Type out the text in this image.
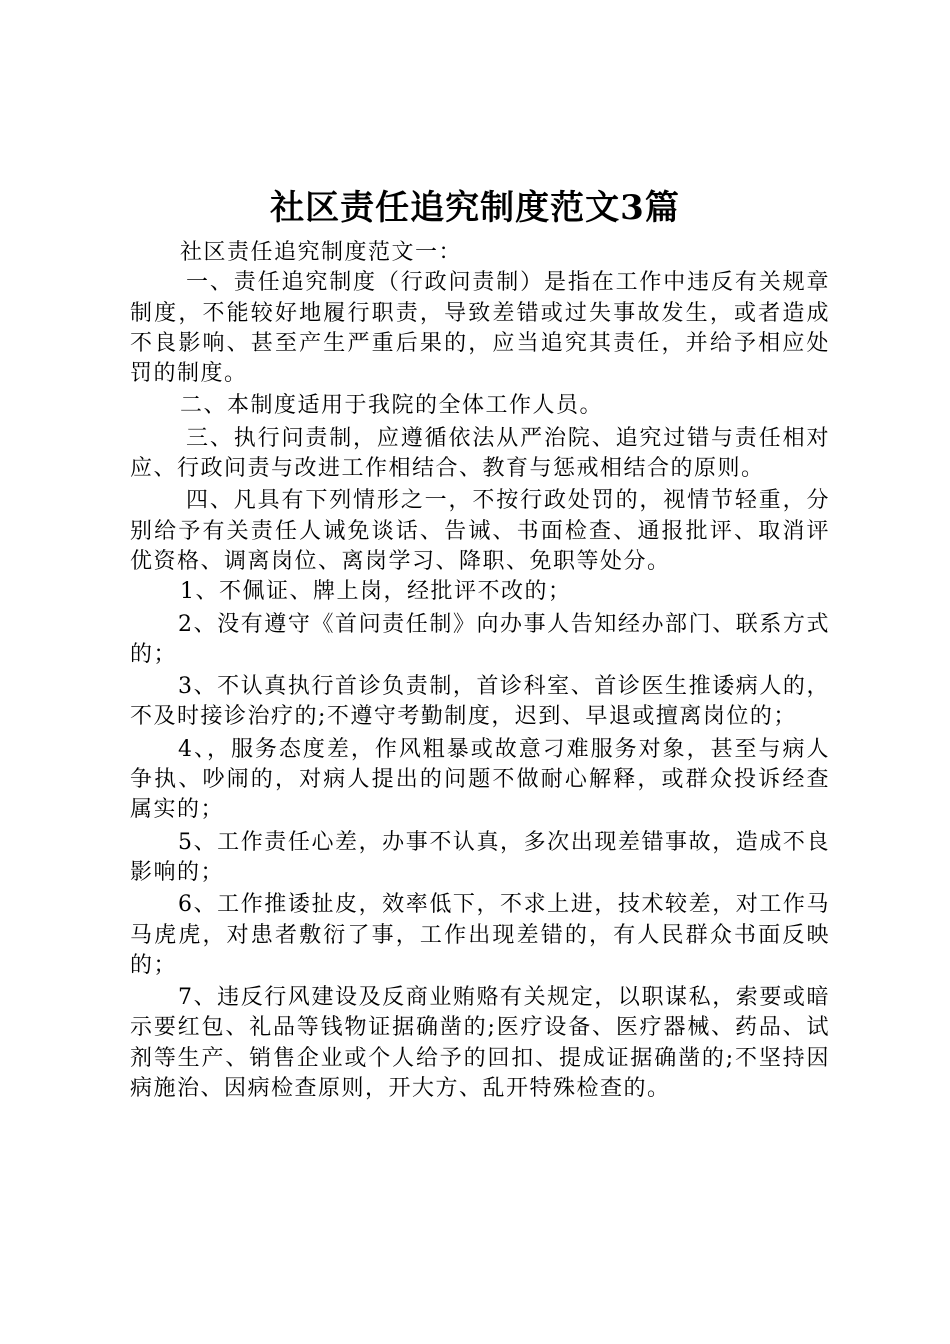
社区责任追究制度范文3篇

社区责任追究制度范文一：

一、责任追究制度（行政问责制）是指在工作中违反有关规章制度，不能较好地履行职责，导致差错或过失事故发生，或者造成不良影响、甚至产生严重后果的，应当追究其责任，并给予相应处罚的制度。

二、本制度适用于我院的全体工作人员。

三、执行问责制，应遵循依法从严治院、追究过错与责任相对应、行政问责与改进工作相结合、教育与惩戒相结合的原则。

四、凡具有下列情形之一，不按行政处罚的，视情节轻重，分别给予有关责任人诫免谈话、告诫、书面检查、通报批评、取消评优资格、调离岗位、离岗学习、降职、免职等处分。

1、不佩证、牌上岗，经批评不改的；

2、没有遵守《首问责任制》向办事人告知经办部门、联系方式的；

3、不认真执行首诊负责制，首诊科室、首诊医生推诿病人的，不及时接诊治疗的;不遵守考勤制度，迟到、早退或擅离岗位的；

4、，服务态度差，作风粗暴或故意刁难服务对象，甚至与病人争执、吵闹的，对病人提出的问题不做耐心解释，或群众投诉经查属实的；

5、工作责任心差，办事不认真，多次出现差错事故，造成不良影响的；

6、工作推诿扯皮，效率低下，不求上进，技术较差，对工作马马虎虎，对患者敷衍了事，工作出现差错的，有人民群众书面反映的；

7、违反行风建设及反商业贿赂有关规定，以职谋私，索要或暗示要红包、礼品等钱物证据确凿的;医疗设备、医疗器械、药品、试剂等生产、销售企业或个人给予的回扣、提成证据确凿的;不坚持因病施治、因病检查原则，开大方、乱开特殊检查的。
